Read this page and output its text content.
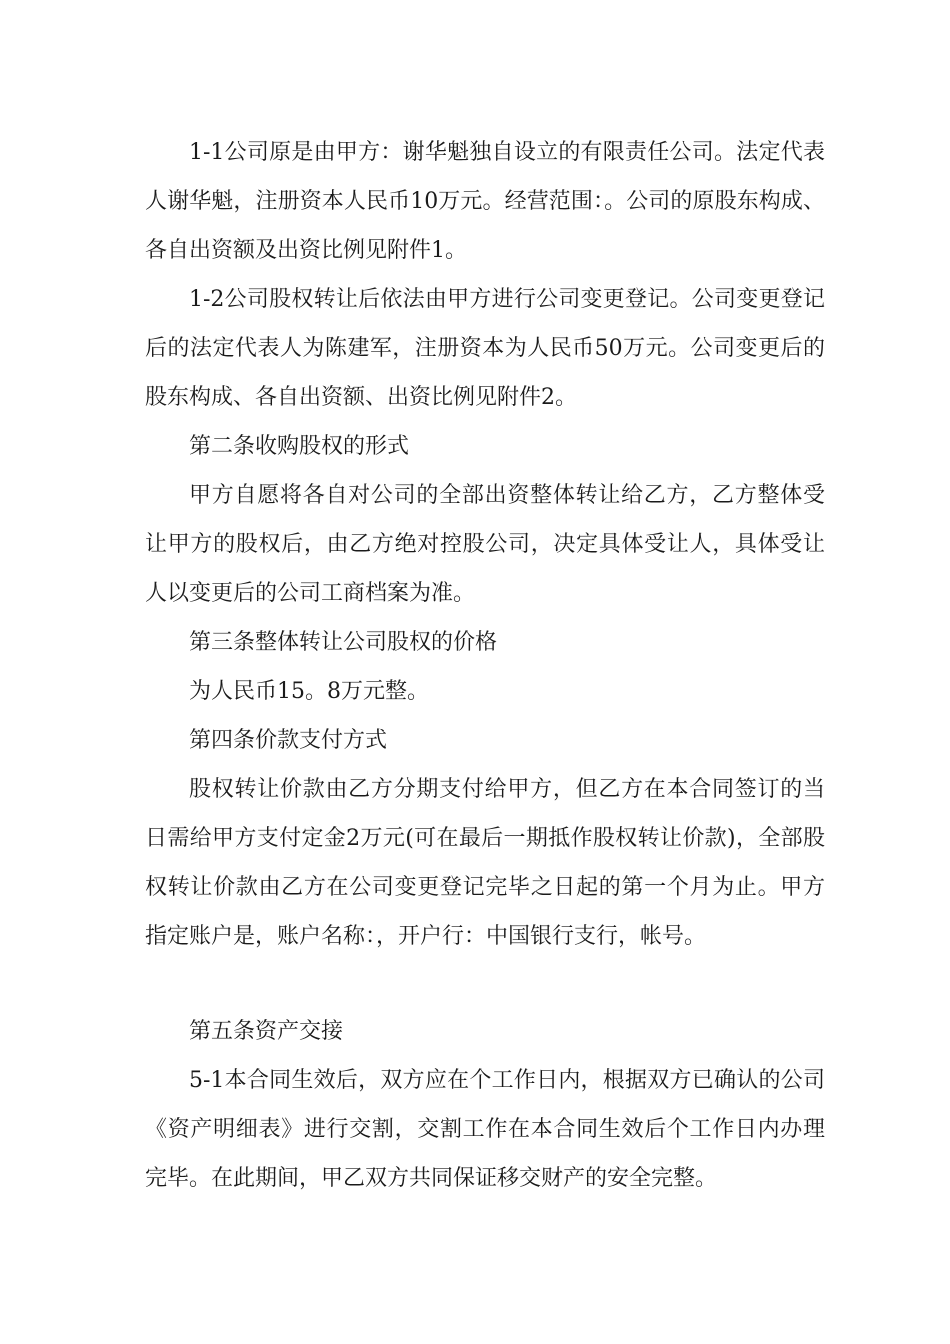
1-1公司原是由甲方：谢华魁独自设立的有限责任公司。法定代表人谢华魁，注册资本人民币10万元。经营范围：。公司的原股东构成、各自出资额及出资比例见附件1。

1-2公司股权转让后依法由甲方进行公司变更登记。公司变更登记后的法定代表人为陈建军，注册资本为人民币50万元。公司变更后的股东构成、各自出资额、出资比例见附件2。

第二条收购股权的形式

甲方自愿将各自对公司的全部出资整体转让给乙方，乙方整体受让甲方的股权后，由乙方绝对控股公司，决定具体受让人，具体受让人以变更后的公司工商档案为准。

第三条整体转让公司股权的价格

为人民币15。8万元整。

第四条价款支付方式

股权转让价款由乙方分期支付给甲方，但乙方在本合同签订的当日需给甲方支付定金2万元(可在最后一期抵作股权转让价款)，全部股权转让价款由乙方在公司变更登记完毕之日起的第一个月为止。甲方指定账户是，账户名称：，开户行：中国银行支行，帐号。

第五条资产交接

5-1本合同生效后，双方应在个工作日内，根据双方已确认的公司《资产明细表》进行交割，交割工作在本合同生效后个工作日内办理完毕。在此期间，甲乙双方共同保证移交财产的安全完整。
